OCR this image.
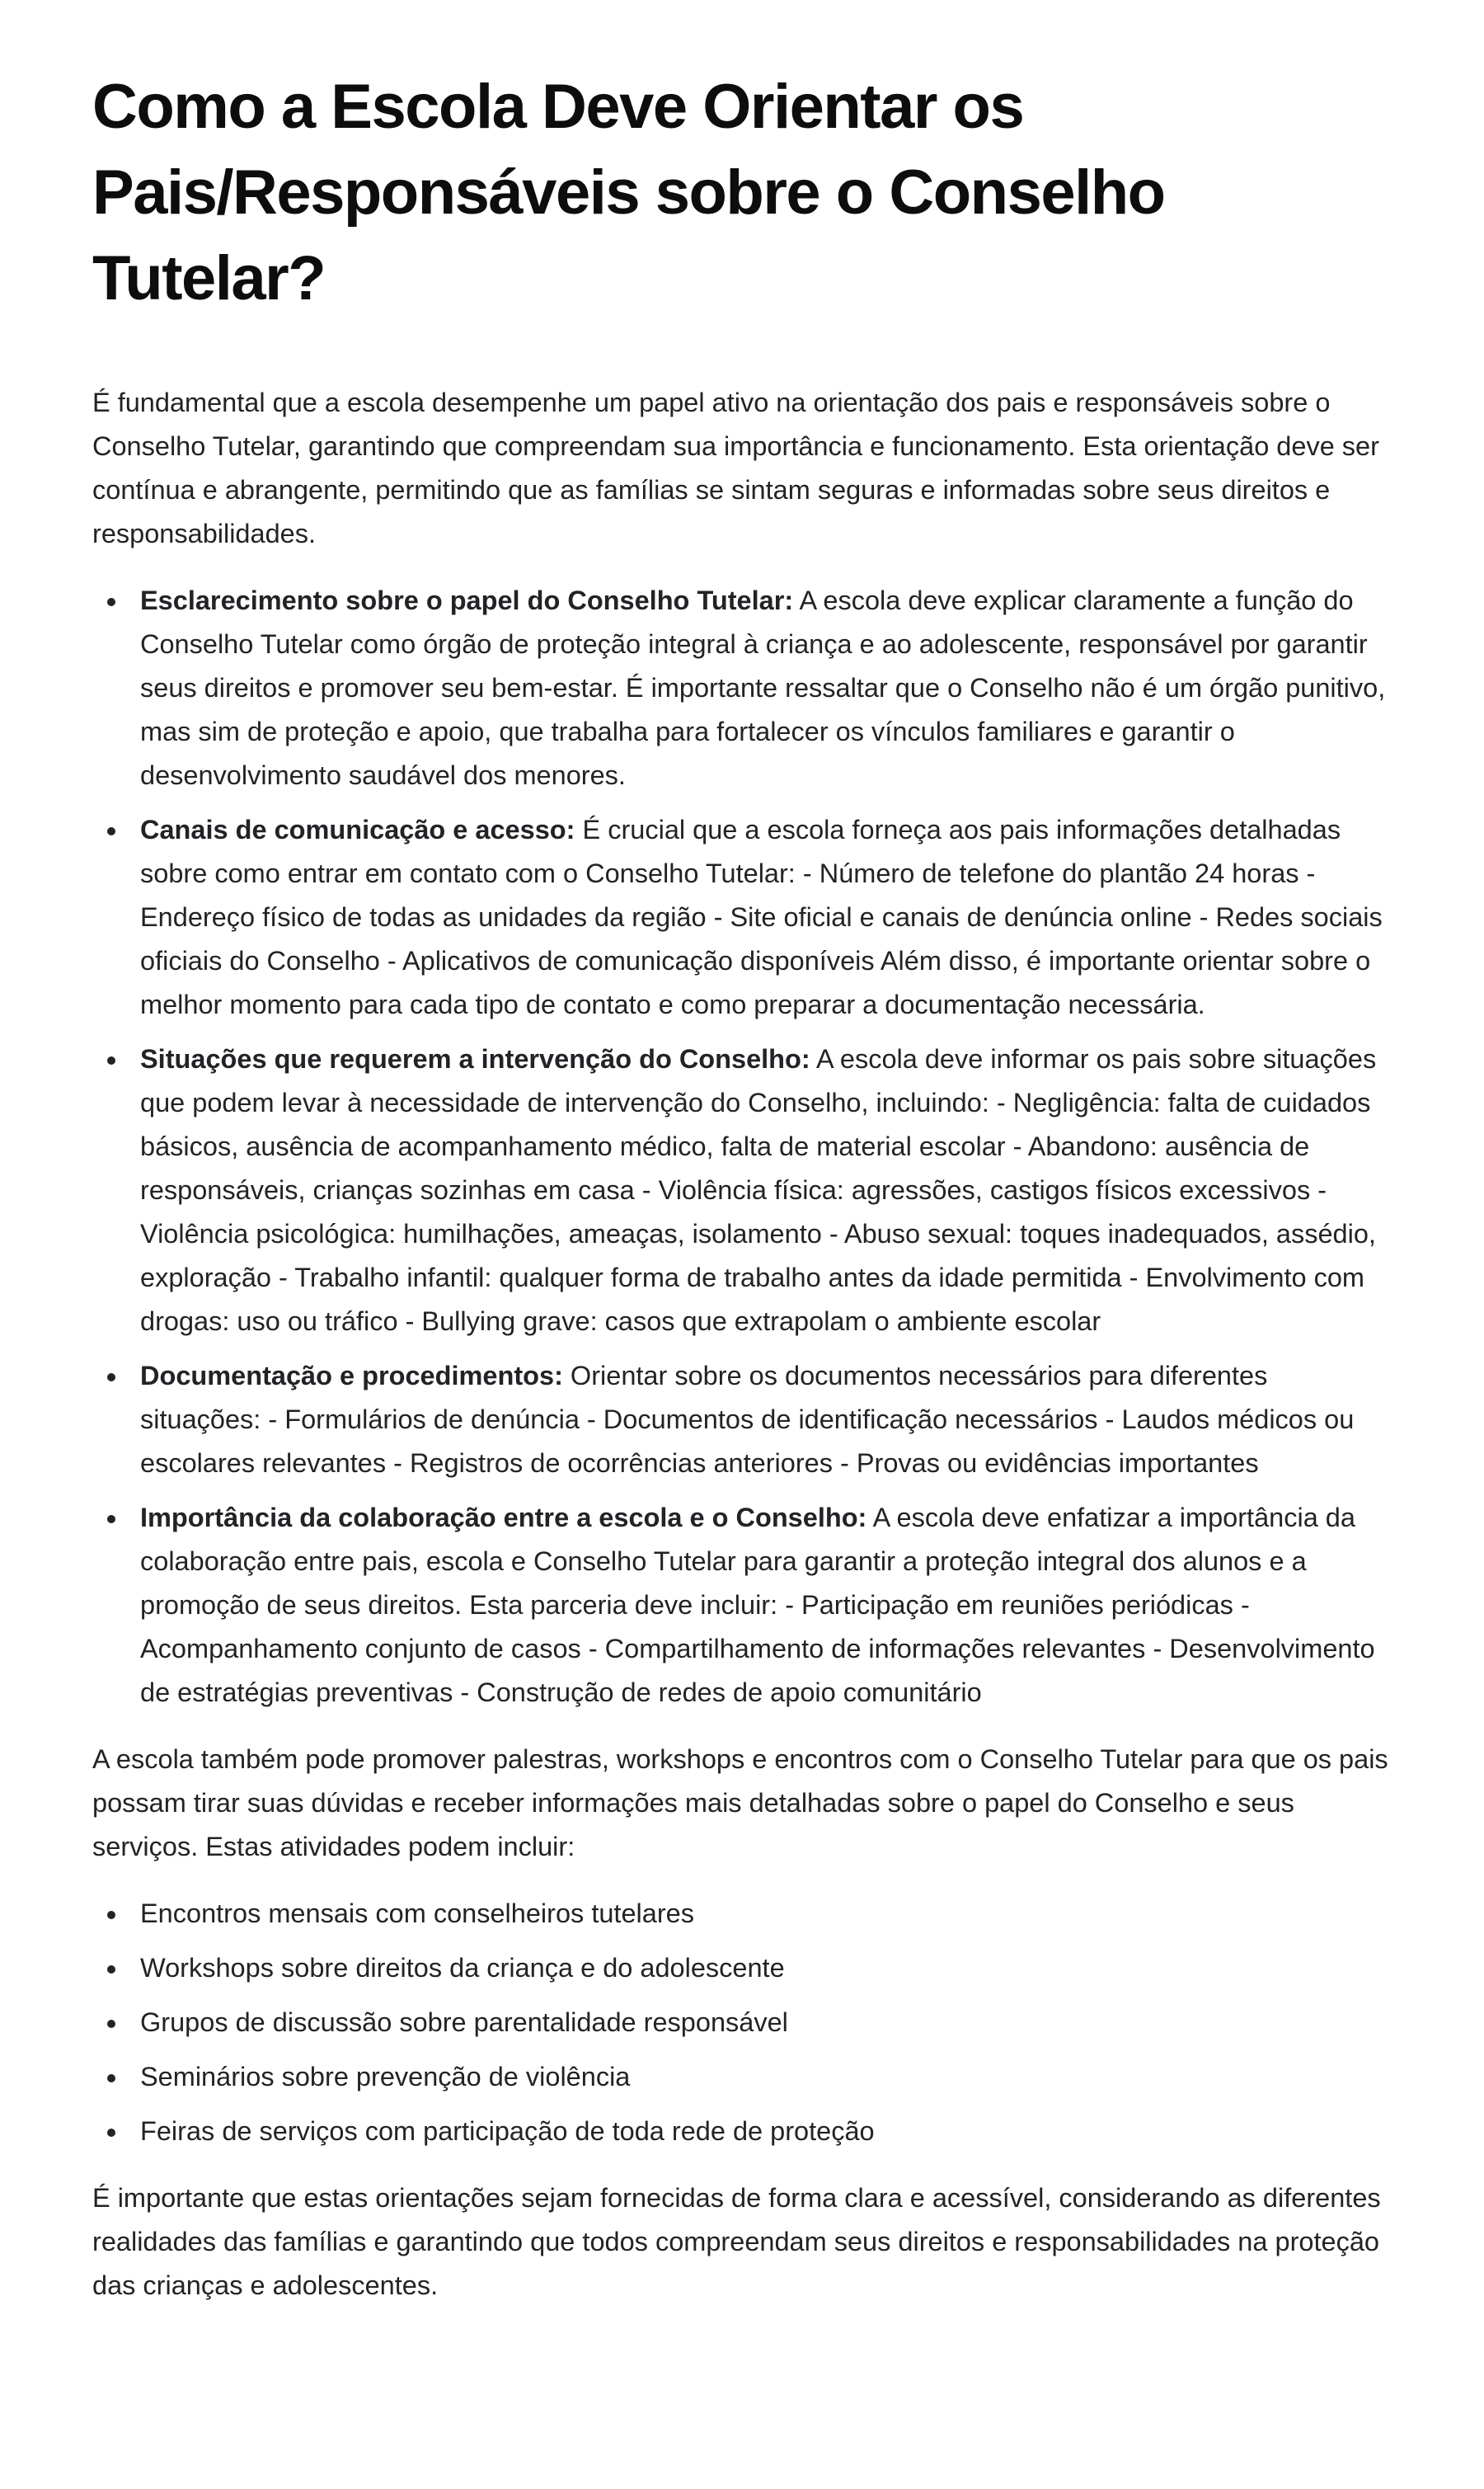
Como a Escola Deve Orientar os Pais/Responsáveis sobre o Conselho Tutelar?

É fundamental que a escola desempenhe um papel ativo na orientação dos pais e responsáveis sobre o Conselho Tutelar, garantindo que compreendam sua importância e funcionamento. Esta orientação deve ser contínua e abrangente, permitindo que as famílias se sintam seguras e informadas sobre seus direitos e responsabilidades.

• Esclarecimento sobre o papel do Conselho Tutelar: A escola deve explicar claramente a função do Conselho Tutelar como órgão de proteção integral à criança e ao adolescente, responsável por garantir seus direitos e promover seu bem-estar. É importante ressaltar que o Conselho não é um órgão punitivo, mas sim de proteção e apoio, que trabalha para fortalecer os vínculos familiares e garantir o desenvolvimento saudável dos menores.
• Canais de comunicação e acesso: É crucial que a escola forneça aos pais informações detalhadas sobre como entrar em contato com o Conselho Tutelar: - Número de telefone do plantão 24 horas - Endereço físico de todas as unidades da região - Site oficial e canais de denúncia online - Redes sociais oficiais do Conselho - Aplicativos de comunicação disponíveis Além disso, é importante orientar sobre o melhor momento para cada tipo de contato e como preparar a documentação necessária.
• Situações que requerem a intervenção do Conselho: A escola deve informar os pais sobre situações que podem levar à necessidade de intervenção do Conselho, incluindo: - Negligência: falta de cuidados básicos, ausência de acompanhamento médico, falta de material escolar - Abandono: ausência de responsáveis, crianças sozinhas em casa - Violência física: agressões, castigos físicos excessivos - Violência psicológica: humilhações, ameaças, isolamento - Abuso sexual: toques inadequados, assédio, exploração - Trabalho infantil: qualquer forma de trabalho antes da idade permitida - Envolvimento com drogas: uso ou tráfico - Bullying grave: casos que extrapolam o ambiente escolar
• Documentação e procedimentos: Orientar sobre os documentos necessários para diferentes situações: - Formulários de denúncia - Documentos de identificação necessários - Laudos médicos ou escolares relevantes - Registros de ocorrências anteriores - Provas ou evidências importantes
• Importância da colaboração entre a escola e o Conselho: A escola deve enfatizar a importância da colaboração entre pais, escola e Conselho Tutelar para garantir a proteção integral dos alunos e a promoção de seus direitos. Esta parceria deve incluir: - Participação em reuniões periódicas - Acompanhamento conjunto de casos - Compartilhamento de informações relevantes - Desenvolvimento de estratégias preventivas - Construção de redes de apoio comunitário

A escola também pode promover palestras, workshops e encontros com o Conselho Tutelar para que os pais possam tirar suas dúvidas e receber informações mais detalhadas sobre o papel do Conselho e seus serviços. Estas atividades podem incluir:

• Encontros mensais com conselheiros tutelares
• Workshops sobre direitos da criança e do adolescente
• Grupos de discussão sobre parentalidade responsável
• Seminários sobre prevenção de violência
• Feiras de serviços com participação de toda rede de proteção

É importante que estas orientações sejam fornecidas de forma clara e acessível, considerando as diferentes realidades das famílias e garantindo que todos compreendam seus direitos e responsabilidades na proteção das crianças e adolescentes.
